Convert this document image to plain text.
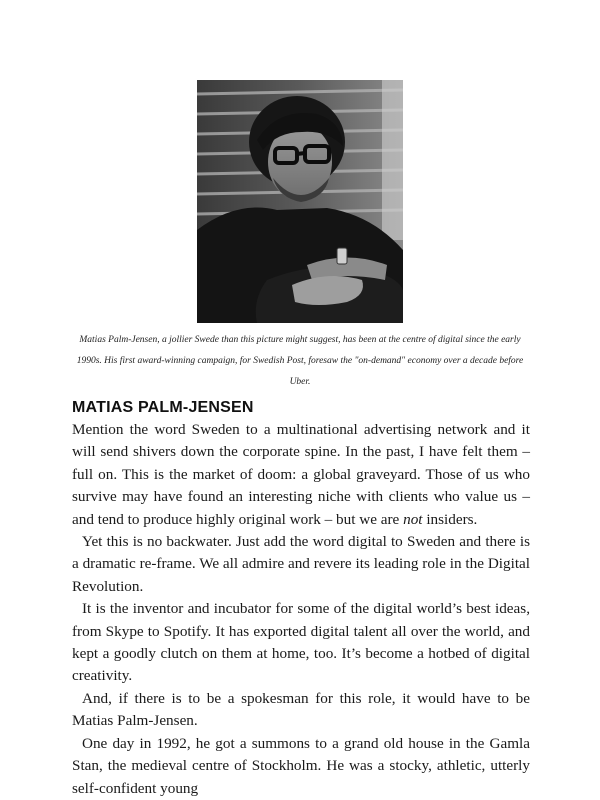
Matias Palm-Jensen, a jollier Swede than this picture might suggest, has been at the centre of digital since the early 1990s. His first award-winning campaign, for Swedish Post, foresaw the "on-demand" economy over a decade before Uber.
MATIAS PALM-JENSEN

Mention the word Sweden to a multinational advertising network and it will send shivers down the corporate spine. In the past, I have felt them – full on. This is the market of doom: a global graveyard. Those of us who survive may have found an interesting niche with clients who value us – and tend to produce highly original work – but we are not insiders.

Yet this is no backwater. Just add the word digital to Sweden and there is a dramatic re-frame. We all admire and revere its leading role in the Digital Revolution.

It is the inventor and incubator for some of the digital world’s best ideas, from Skype to Spotify. It has exported digital talent all over the world, and kept a goodly clutch on them at home, too. It’s become a hotbed of digital creativity.

And, if there is to be a spokesman for this role, it would have to be Matias Palm-Jensen.

One day in 1992, he got a summons to a grand old house in the Gamla Stan, the medieval centre of Stockholm. He was a stocky, athletic, utterly self-confident young
